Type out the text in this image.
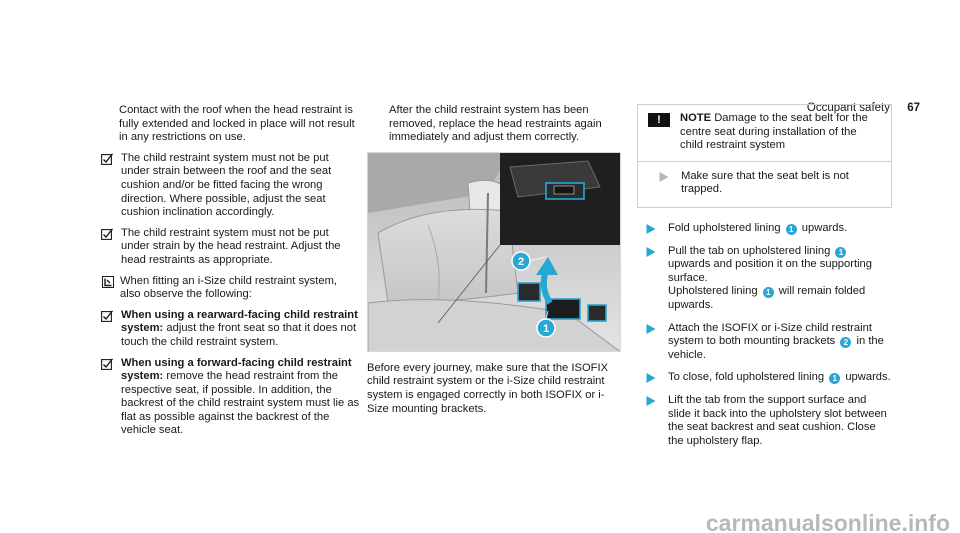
Occupant safety 67

Contact with the roof when the head restraint is fully extended and locked in place will not result in any restrictions on use.

The child restraint system must not be put under strain between the roof and the seat cushion and/or be fitted facing the wrong direction. Where possible, adjust the seat cushion inclination accordingly.
The child restraint system must not be put under strain by the head restraint. Adjust the head restraints as appropriate.
When fitting an i-Size child restraint system, also observe the following:
When using a rearward-facing child restraint system: adjust the front seat so that it does not touch the child restraint system.
When using a forward-facing child restraint system: remove the head restraint from the respective seat, if possible. In addition, the backrest of the child restraint system must lie as flat as possible against the backrest of the vehicle seat.

After the child restraint system has been removed, replace the head restraints again immediately and adjust them correctly.

2
1

Before every journey, make sure that the ISOFIX child restraint system or the i-Size child restraint system is engaged correctly in both ISOFIX or i-Size mounting brackets.

!	NOTE Damage to the seat belt for the centre seat during installation of the child restraint system
Make sure that the seat belt is not trapped.
Fold upholstered lining 1 upwards.
Pull the tab on upholstered lining 1 upwards and position it on the supporting surface.
Upholstered lining 1 will remain folded upwards.
Attach the ISOFIX or i-Size child restraint system to both mounting brackets 2 in the vehicle.
To close, fold upholstered lining 1 upwards.
Lift the tab from the support surface and slide it back into the upholstery slot between the seat backrest and seat cushion. Close the upholstery flap.
carmanualsonline.info
